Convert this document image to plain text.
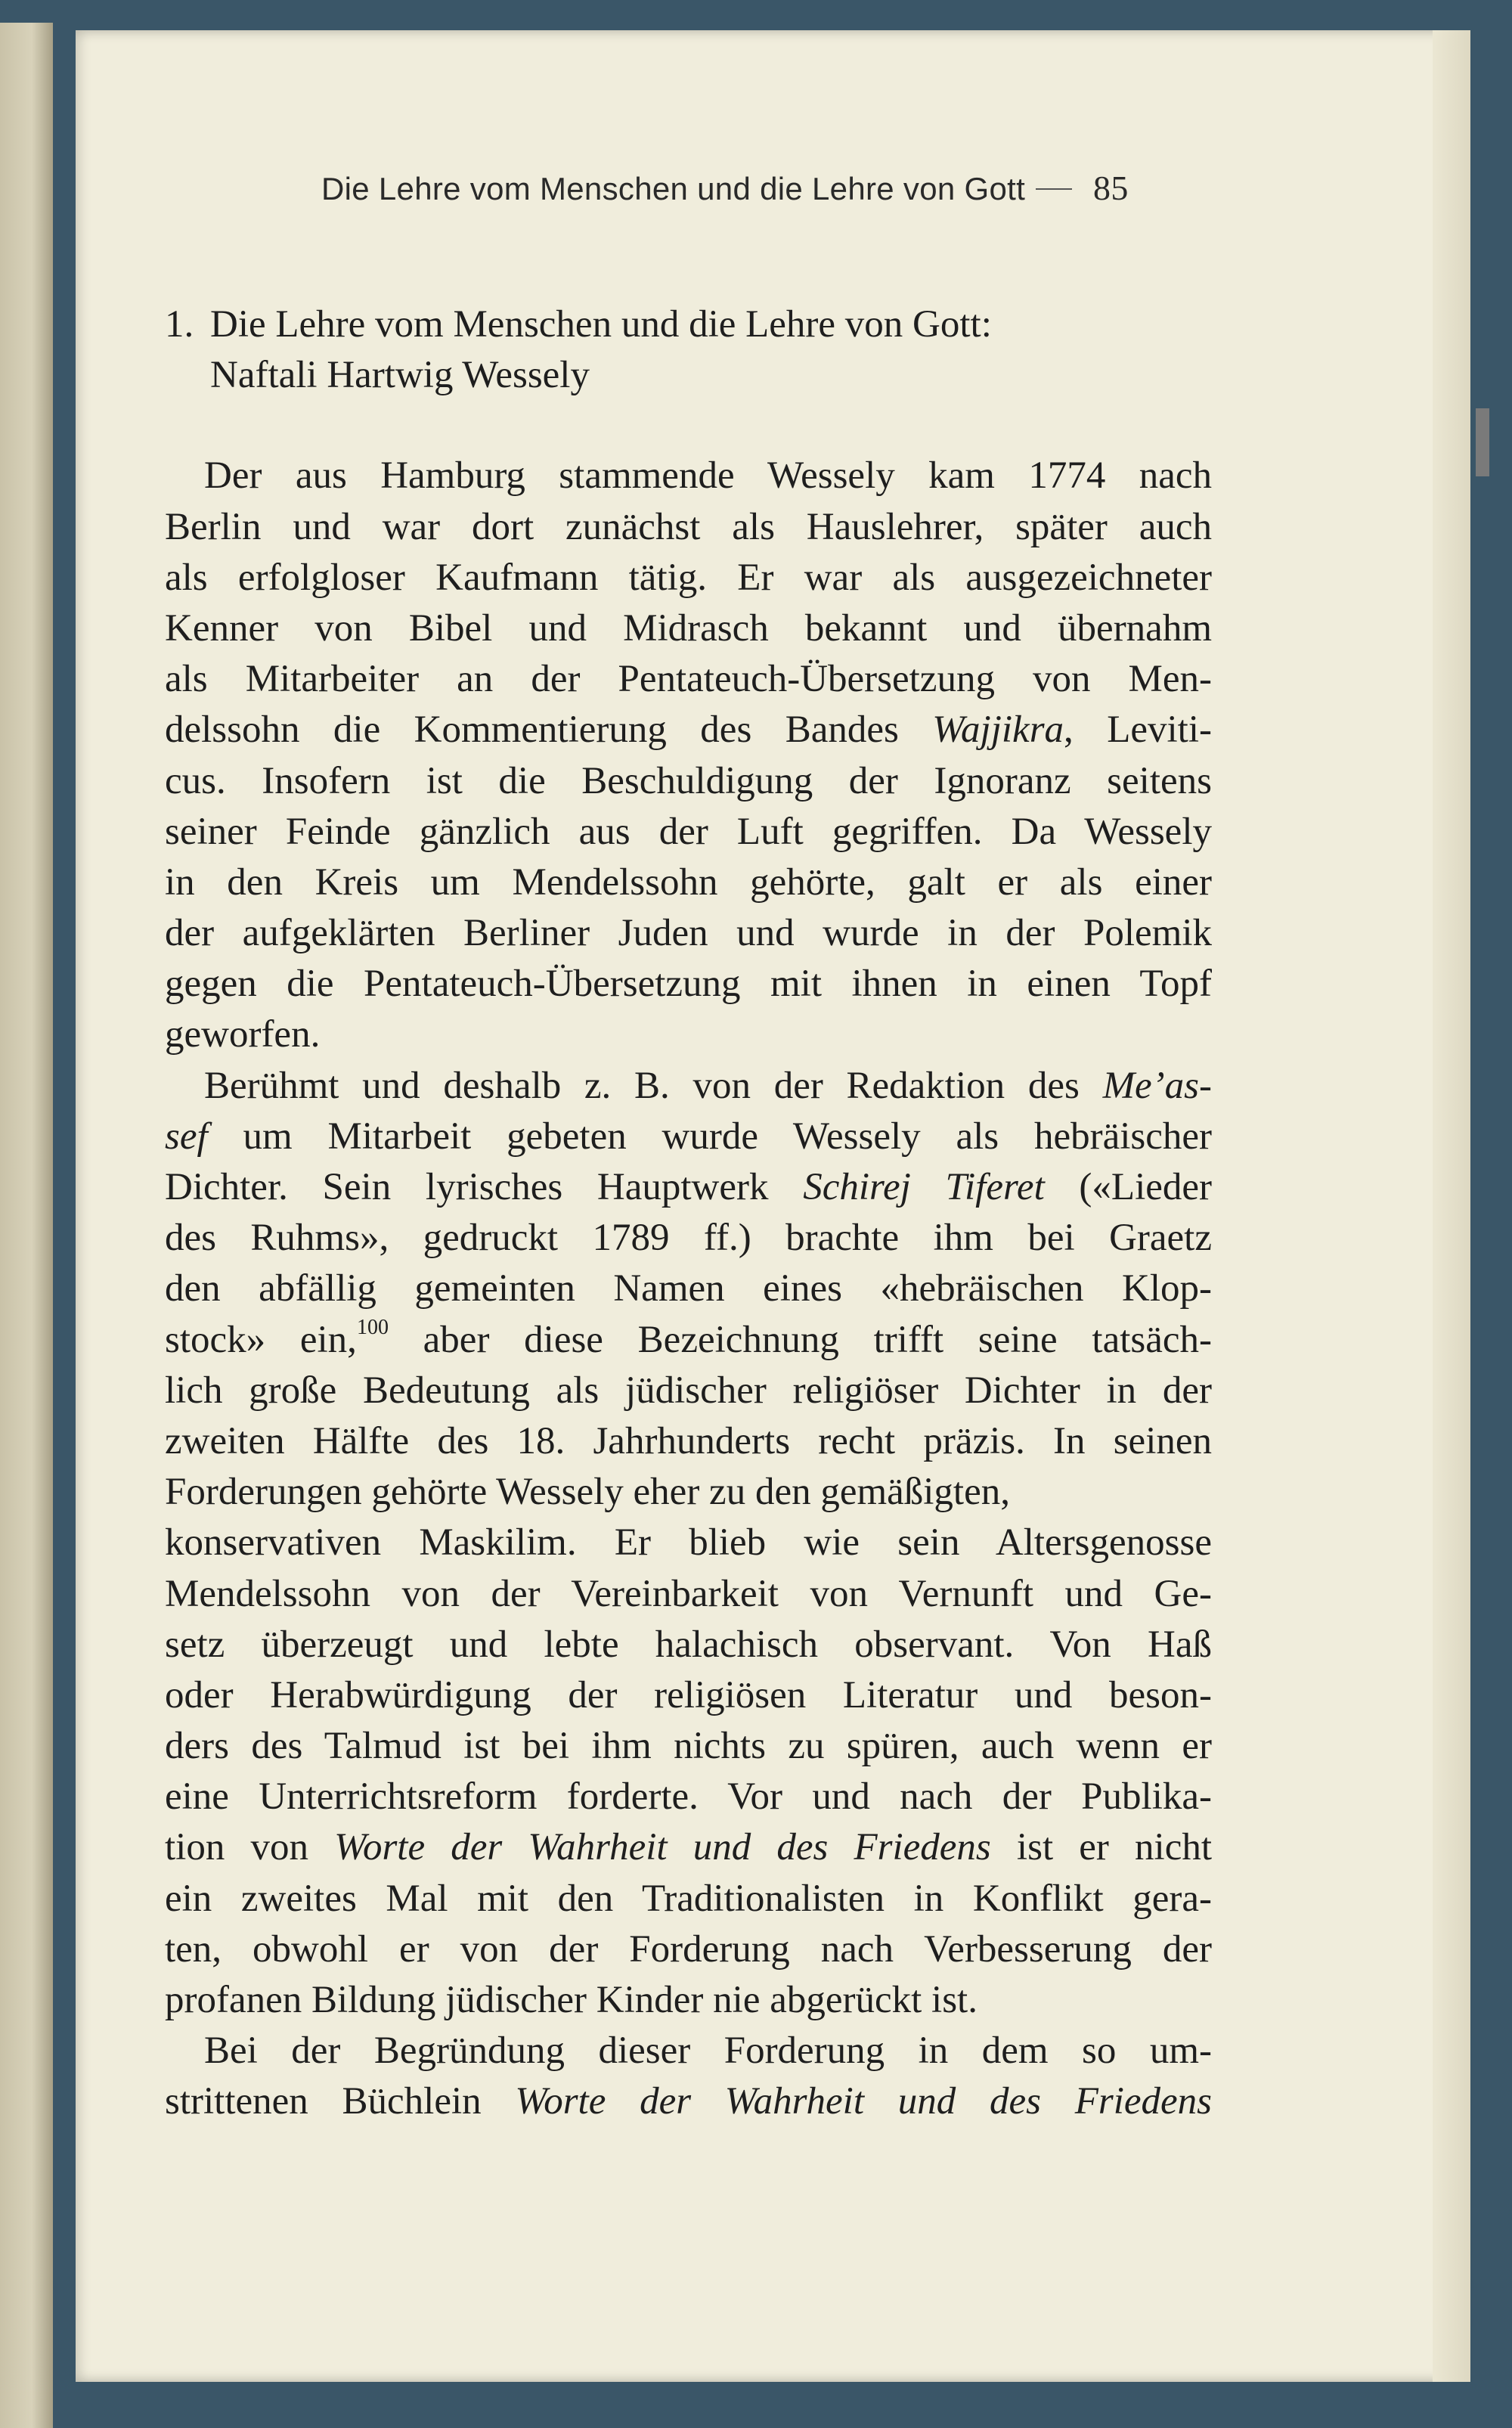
Die Lehre vom Menschen und die Lehre von Gott 85
1. Die Lehre vom Menschen und die Lehre von Gott:
Naftali Hartwig Wessely
Der aus Hamburg stammende Wessely kam 1774 nach
Berlin und war dort zunächst als Hauslehrer, später auch
als erfolgloser Kaufmann tätig. Er war als ausgezeichneter
Kenner von Bibel und Midrasch bekannt und übernahm
als Mitarbeiter an der Pentateuch-Übersetzung von Men-
delssohn die Kommentierung des Bandes Wajjikra, Leviti-
cus. Insofern ist die Beschuldigung der Ignoranz seitens
seiner Feinde gänzlich aus der Luft gegriffen. Da Wessely
in den Kreis um Mendelssohn gehörte, galt er als einer
der aufgeklärten Berliner Juden und wurde in der Polemik
gegen die Pentateuch-Übersetzung mit ihnen in einen Topf
geworfen.
Berühmt und deshalb z. B. von der Redaktion des Me’as-
sef um Mitarbeit gebeten wurde Wessely als hebräischer
Dichter. Sein lyrisches Hauptwerk Schirej Tiferet («Lieder
des Ruhms», gedruckt 1789 ff.) brachte ihm bei Graetz
den abfällig gemeinten Namen eines «hebräischen Klop-
stock» ein,$^{100}$ aber diese Bezeichnung trifft seine tatsäch-
lich große Bedeutung als jüdischer religiöser Dichter in der
zweiten Hälfte des 18. Jahrhunderts recht präzis. In seinen
Forderungen gehörte Wessely eher zu den gemäßigten,
konservativen Maskilim. Er blieb wie sein Altersgenosse
Mendelssohn von der Vereinbarkeit von Vernunft und Ge-
setz überzeugt und lebte halachisch observant. Von Haß
oder Herabwürdigung der religiösen Literatur und beson-
ders des Talmud ist bei ihm nichts zu spüren, auch wenn er
eine Unterrichtsreform forderte. Vor und nach der Publika-
tion von Worte der Wahrheit und des Friedens ist er nicht
ein zweites Mal mit den Traditionalisten in Konflikt gera-
ten, obwohl er von der Forderung nach Verbesserung der
profanen Bildung jüdischer Kinder nie abgerückt ist.
Bei der Begründung dieser Forderung in dem so um-
strittenen Büchlein Worte der Wahrheit und des Friedens
